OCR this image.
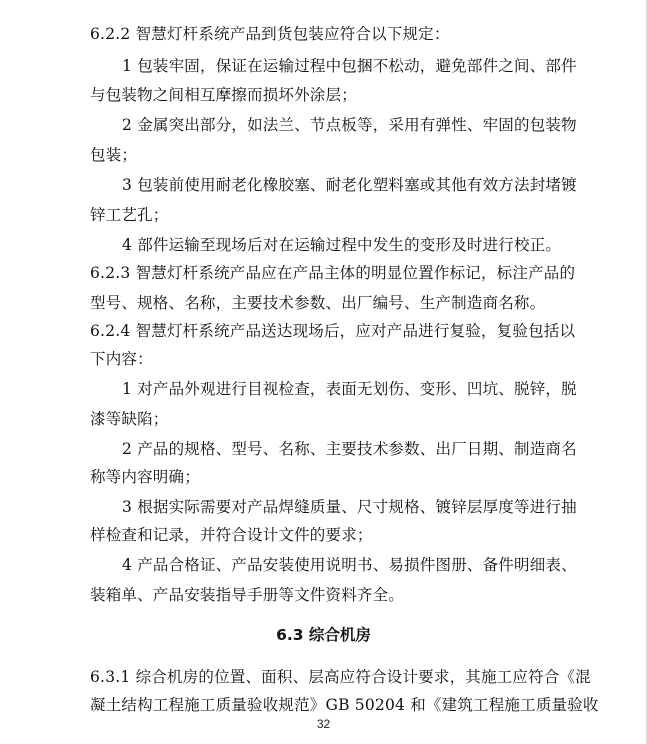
6.2.2 智慧灯杆系统产品到货包装应符合以下规定：
1 包装牢固，保证在运输过程中包捆不松动，避免部件之间、部件
与包装物之间相互摩擦而损坏外涂层；
2 金属突出部分，如法兰、节点板等，采用有弹性、牢固的包装物
包装；
3 包装前使用耐老化橡胶塞、耐老化塑料塞或其他有效方法封堵镀
锌工艺孔；
4 部件运输至现场后对在运输过程中发生的变形及时进行校正。
6.2.3 智慧灯杆系统产品应在产品主体的明显位置作标记，标注产品的
型号、规格、名称，主要技术参数、出厂编号、生产制造商名称。
6.2.4 智慧灯杆系统产品送达现场后，应对产品进行复验，复验包括以
下内容：
1 对产品外观进行目视检查，表面无划伤、变形、凹坑、脱锌，脱
漆等缺陷；
2 产品的规格、型号、名称、主要技术参数、出厂日期、制造商名
称等内容明确；
3 根据实际需要对产品焊缝质量、尺寸规格、镀锌层厚度等进行抽
样检查和记录，并符合设计文件的要求；
4 产品合格证、产品安装使用说明书、易损件图册、备件明细表、
装箱单、产品安装指导手册等文件资料齐全。
6.3 综合机房
6.3.1 综合机房的位置、面积、层高应符合设计要求，其施工应符合《混
凝土结构工程施工质量验收规范》GB 50204 和《建筑工程施工质量验收
32
